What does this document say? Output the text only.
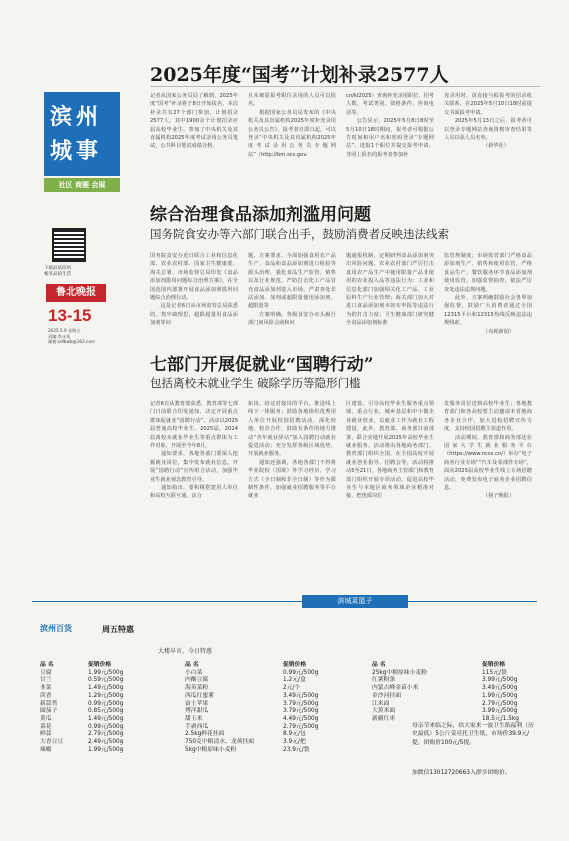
滨州
城事
社区 商圈 会展
下载品质滨州
畅享品质生活
鲁北晚报
13-15
2025.5.9 星期五
责编:李永英
邮箱:sdlbwb@163.com
2025年度“国考”计划补录2577人
记者从国家公务员局了解到，2025年度“国考”补录将于8日开始报名，本次补录共有27个部门参加，计划招录2577人，其中1900余个计划招录应届高校毕业生。参加了中央机关及其直属机构2025年度考试录用公务员笔试，公共科目笔试成绩合格，
且未被原报考职位录用的人员可以报名。
　　根据国家公务员局发布的《中央机关及其直属机构2025年度补充录用公务员公告》，报考者自即日起，可以登录“中央机关及其直属机构2025年度考试录用公务员专题网站”（http://bm.scs.gov.
cn/kl2025）查询补充录用职位、招考人数、考试类别、资格条件、咨询电话等。
　　公告显示，2025年5月8日8时至5月10日18时期间，报考者可根据公告时间和用户名和密码登录“专题网站”，选报1个职位并提交报考申请。非同上报名的报考者参加补
充录用时，请直接与拟报考的招录机关联系，在2025年5月10日18时前提交书面报考申请。
　　2025年5月13日之后，报考者可以登录专题网站查询资格审查结果等人员以获人员名单。
　　　　　　　　（新华社）
综合治理食品添加剂滥用问题
国务院食安办等六部门联合出手，鼓励消费者反映违法线索
国务院食安办近日联合工业和信息化部、农业农村部、国家卫生健康委、海关总署、市场监督总局印发《食品添加剂滥用问题综合治理方案》，在全国范围内部署开展食品添加剂滥用问题综合治理行动。
　　这是记者6日从市场监管总局获悉的。筑牢疏理思，超限超量用食品添加剂等问
题，方案要求，全面加强食用农产品生产、食品和食品添加剂进口检验等源头治理，强化食品生产监管，销售以及行业规范，严防打击化工产品冒充食品添加剂进入市场，严肃查处非法添加、加剂或超限量使用添加剂、超限量等
　　方案明确，各级食安办牵头履行部门间风险会商和问
题通报机制，定期研判食品添加剂突出风险问题。农业农村部门严厉打击食用农产品生产中使用限量产品非使用的农业投入品等违法行为；工业和信息化部门加强相关化工产品、工业原料生产行业管理；海关部门加大对进口食品添加剂未如实申报等违法行为的打击力度；卫生健康部门研究健全食品添加剂标准
监管规制度；市场监管部门严格食品添加剂生产、销售和使用监管，严格食品生产、餐饮服务环节食品添加剂使用监管，加强监督抽查，依法严厉查处违法违规问题。
　　此外，方案明确鼓励社会各界加强监督，鼓励广大消费者通过全国12315平台和12315热线反映违法违规线索。
　　　　　　　　（央视新闻）
七部门开展促就业“国聘行动”
包括离校未就业学生 破除学历等隐形门槛
记者6日从教育部获悉，教育部等七部门日前联合印发通知，决定开展重点群体促就业“国聘行动”。活动以2025届普通高校毕业生、2025届、2024届离校未就业毕业生等重点群体为工作对象，开展至今年8月。
　　通知要求，各地各部门要深入挖掘就业岗位，集中发布就业信息。开展“国聘行动”宣传组合活动，加强毕业生就业观念教育引导。
　　通知指出，要积极搭建用人单位和高校互联互通，活合
拓岗，给这对接岗的平台，推进线上线下一体服务；鼓励各地组织优秀用人单位开展校园招聘活动，深化校地、校企合作，鼓励有条件的地方推动“青年就业驿站”加入国聘行动就业促进活动；充分发挥各级区域优势，开展就业服务。
　　通知还强调，各地各部门不得将毕业院校（国境）外学习经历、学习方式（全日制和非全日制）等作为限制性条件，加强就业招聘服务等平台就业
区建设，引导高校毕业生服务重点领域、重点行业，城乡基层和中小微企业就业创业，以就业工作为就业工程建设，此外，教育部、商务部日前部署，联合实地开展2025年高校毕业生就业服务。活动将由各地商务部门、教育部门组织全国，在全国高校开展就业创业指导、招聘会等，活动将推动5至21日，各地商务主管部门和教育部门组织开展专项活动，促进高校毕业生与本地区商务领域企业精准对接，把优质岗位
发服务岗位送到高校毕业生；各地教育部门和各高校要主动邀请本省地商务企业合作，加大进校招聘宣传力度，支持校园招聘主渠道作用。
　　活动期间，教育部和商务部还在国家大学生就业服务平台（https://www.ncss.cn/）举办“电子商务行业专场”“汽车及零部件专场”，面向2025届高校毕业生线上专场招聘活动，免费发布电子商务企业招聘信息。
　　　　　　　　（扬子晚报）
滨城菜篮子
滨州百货	周五特惠
大楼早市，今日特惠
品 名	促销价格
豆腐	1.99元/500g
甘兰	0.59元/500g
韭菜	1.49元/500g
茴香	1.29元/500g
新蒜苔	0.99元/500g
圆茄子	0.85元/500g
黄瓜	1.49元/500g
菜花	0.99元/500g
鲜蒜	2.79元/500g
大青豆豆	2.49元/500g
辣椒	1.99元/500g
品 名	促销价格
小白菜	0.99元/500g
内酯豆腐	1.2元/盒
海英菜粉	2元/个
西瓜红蜜薯	3.49元/500g
富士苹果	3.79元/500g
博洋甜瓜	3.79元/500g
甜玉米	4.49元/500g
手剥西瓜	2.79元/500g
2.5kg鲜花挂面	8.9元/包
750克中粮清水、龙须挂面	3.9元/把
5kg中粮原味小麦粉	23.9元/袋
品 名	促销价格
25kg中粮原味小麦粉	115元/袋
红薯粉条	3.99元/500g
内蒙古峰金苗小米	3.49元/500g
金沙河挂面	1.99元/500g
江米面	2.79元/500g
大黄米面	3.99元/500g
新疆红枣	18.5元/1.5kg
母亲节来临之际，给大家来一波卫生纸福利（历史最低）5公斤姜亮托卫生纸，市场价39.9元/提，团购价100元/5提。
加微信13012720663入群享团购价。
